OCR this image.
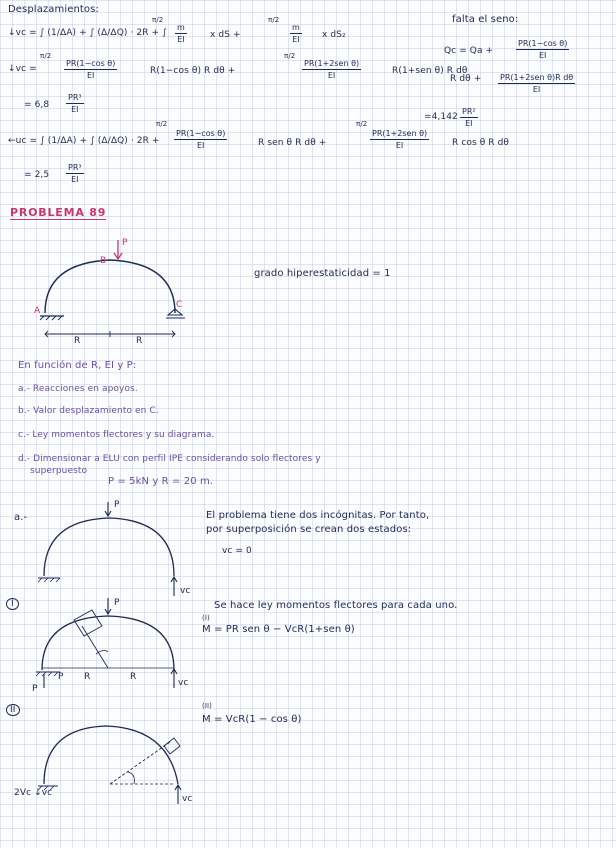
Desplazamientos:
falta el seno:
↓vc = ∫ (1/ΔA) + ∫ (Δ/ΔQ) · 2R + ∫
π/2
$\frac{m}{EI}$	x dS +
π/2
$\frac{m}{EI}$ x dS₂
↓vc =
π/2
$\frac{\text{PR(1−cos θ)}}{EI}$	R(1−cos θ) R dθ +
π/2
PR(1+2sen θ)
EI	R(1+sen θ) R dθ
= $6,8 \frac{\text{PR³}}{EI}$
Qc = Qa +	$\frac{\text{PR(1−cos θ)}}{EI}$
R dθ + PR(1+2sen θ)R dθ
EI
$=4,142 \frac{\text{PR²}}{EI}$
←uc = ∫ (1/ΔA) + ∫ (Δ/ΔQ) · 2R +
π/2
$\frac{\text{PR(1−cos θ)}}{EI}$	R sen θ R dθ +
π/2
PR(1+2sen θ)
EI	R cos θ R dθ
= $2,5 \frac{\text{PR³}}{EI}$
PROBLEMA 89
P
B
A
C
R	R
grado hiperestaticidad = 1
En función de R, EI y P:
a.- Reacciones en apoyos.
b.- Valor desplazamiento en C.
c.- Ley momentos flectores y su diagrama.
d.- Dimensionar a ELU con perfil IPE considerando solo flectores y
superpuesto
P = 5kN y R = 20 m.
a.-
P
vc
El problema tiene dos incógnitas. Por tanto,
por superposición se crean dos estados:
vc = 0
I	P
R	R
P
P
vc
Se hace ley momentos flectores para cada uno.
(I)
M = PR sen θ − VcR(1+sen θ)
II
2Vc ↓vc
vc
(II)
M = VcR(1 − cos θ)
